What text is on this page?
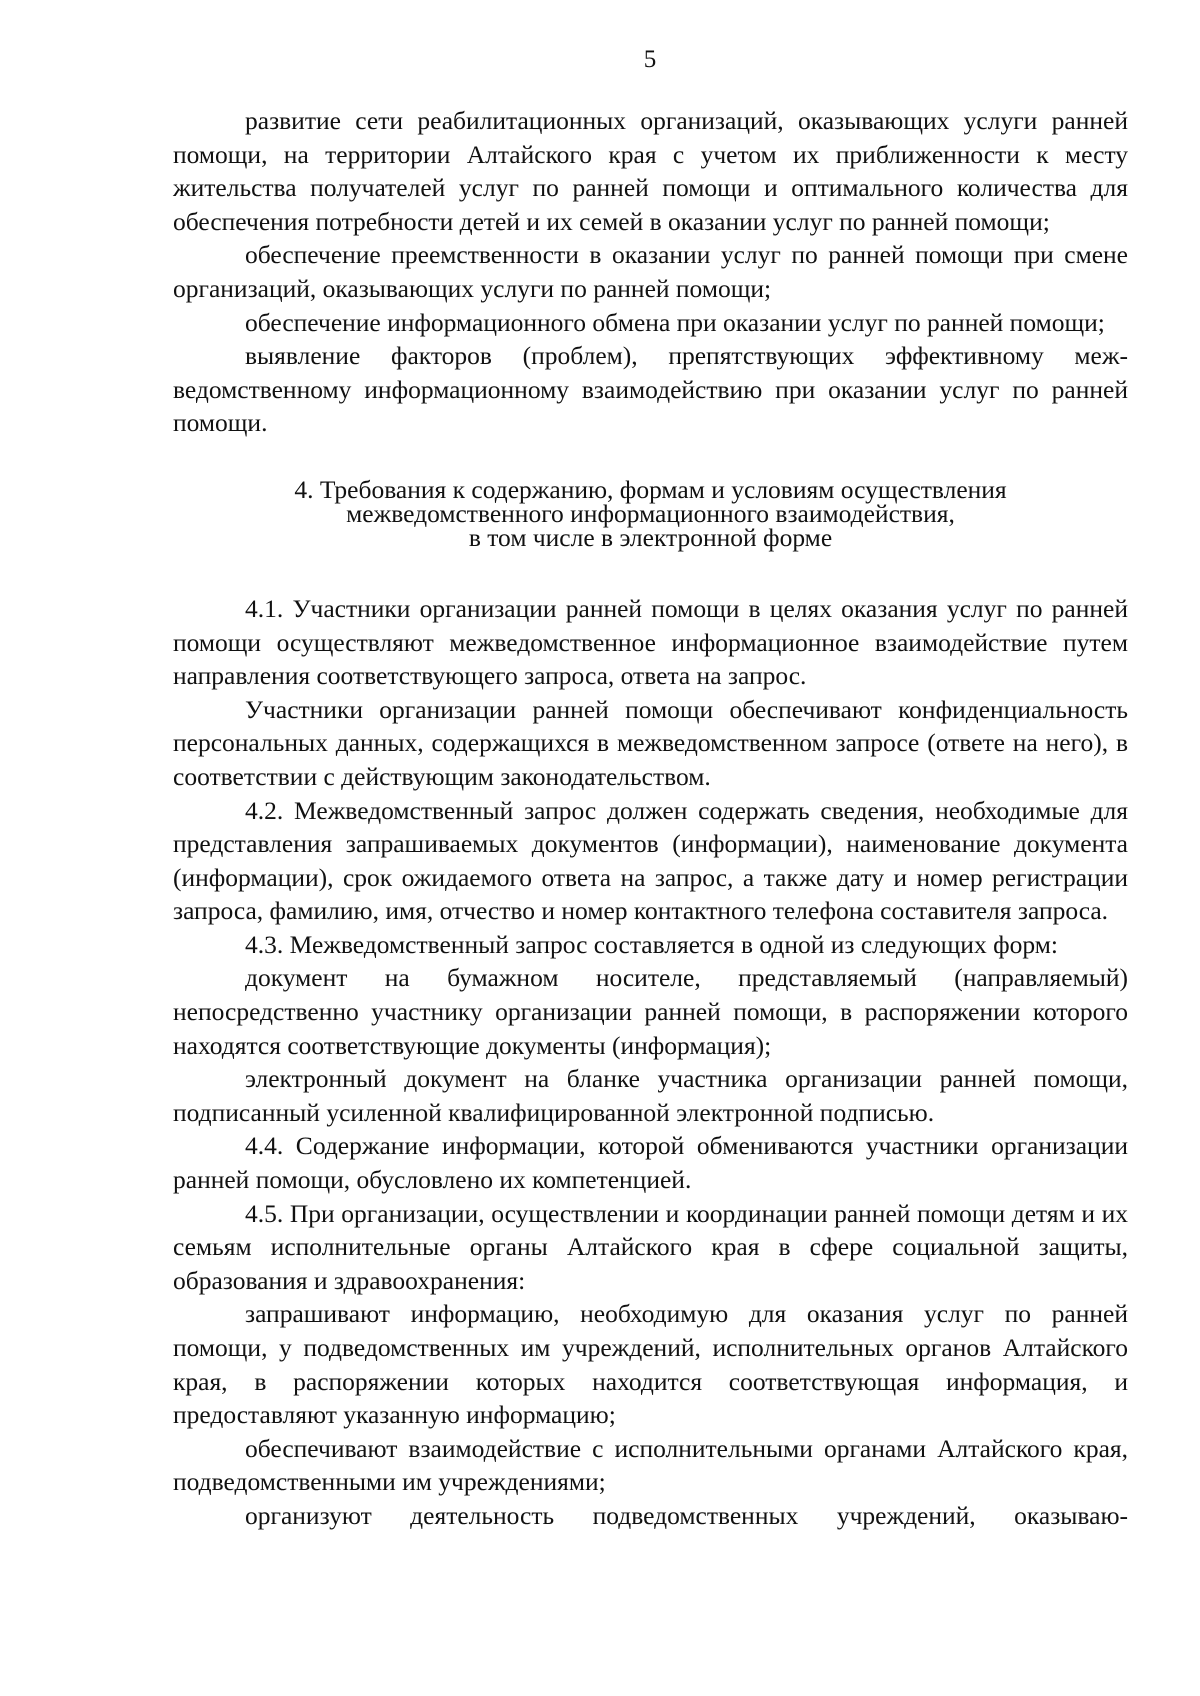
5

развитие сети реабилитационных организаций, оказывающих услуги ранней помощи, на территории Алтайского края с учетом их приближенности к месту жительства получателей услуг по ранней помощи и оптимального количества для обеспечения потребности детей и их семей в оказании услуг по ранней помощи;

обеспечение преемственности в оказании услуг по ранней помощи при смене организаций, оказывающих услуги по ранней помощи;

обеспечение информационного обмена при оказании услуг по ранней помощи;

выявление факторов (проблем), препятствующих эффективному межведомственному информационному взаимодействию при оказании услуг по ранней помощи.

4. Требования к содержанию, формам и условиям осуществления
межведомственного информационного взаимодействия,
в том числе в электронной форме

4.1. Участники организации ранней помощи в целях оказания услуг по ранней помощи осуществляют межведомственное информационное взаимодействие путем направления соответствующего запроса, ответа на запрос.

Участники организации ранней помощи обеспечивают конфиденциальность персональных данных, содержащихся в межведомственном запросе (ответе на него), в соответствии с действующим законодательством.

4.2. Межведомственный запрос должен содержать сведения, необходимые для представления запрашиваемых документов (информации), наименование документа (информации), срок ожидаемого ответа на запрос, а также дату и номер регистрации запроса, фамилию, имя, отчество и номер контактного телефона составителя запроса.

4.3. Межведомственный запрос составляется в одной из следующих форм:

документ на бумажном носителе, представляемый (направляемый) непосредственно участнику организации ранней помощи, в распоряжении которого находятся соответствующие документы (информация);

электронный документ на бланке участника организации ранней помощи, подписанный усиленной квалифицированной электронной подписью.

4.4. Содержание информации, которой обмениваются участники организации ранней помощи, обусловлено их компетенцией.

4.5. При организации, осуществлении и координации ранней помощи детям и их семьям исполнительные органы Алтайского края в сфере социальной защиты, образования и здравоохранения:

запрашивают информацию, необходимую для оказания услуг по ранней помощи, у подведомственных им учреждений, исполнительных органов Алтайского края, в распоряжении которых находится соответствующая информация, и предоставляют указанную информацию;

обеспечивают взаимодействие с исполнительными органами Алтайского края, подведомственными им учреждениями;

организуют деятельность подведомственных учреждений, оказываю-
